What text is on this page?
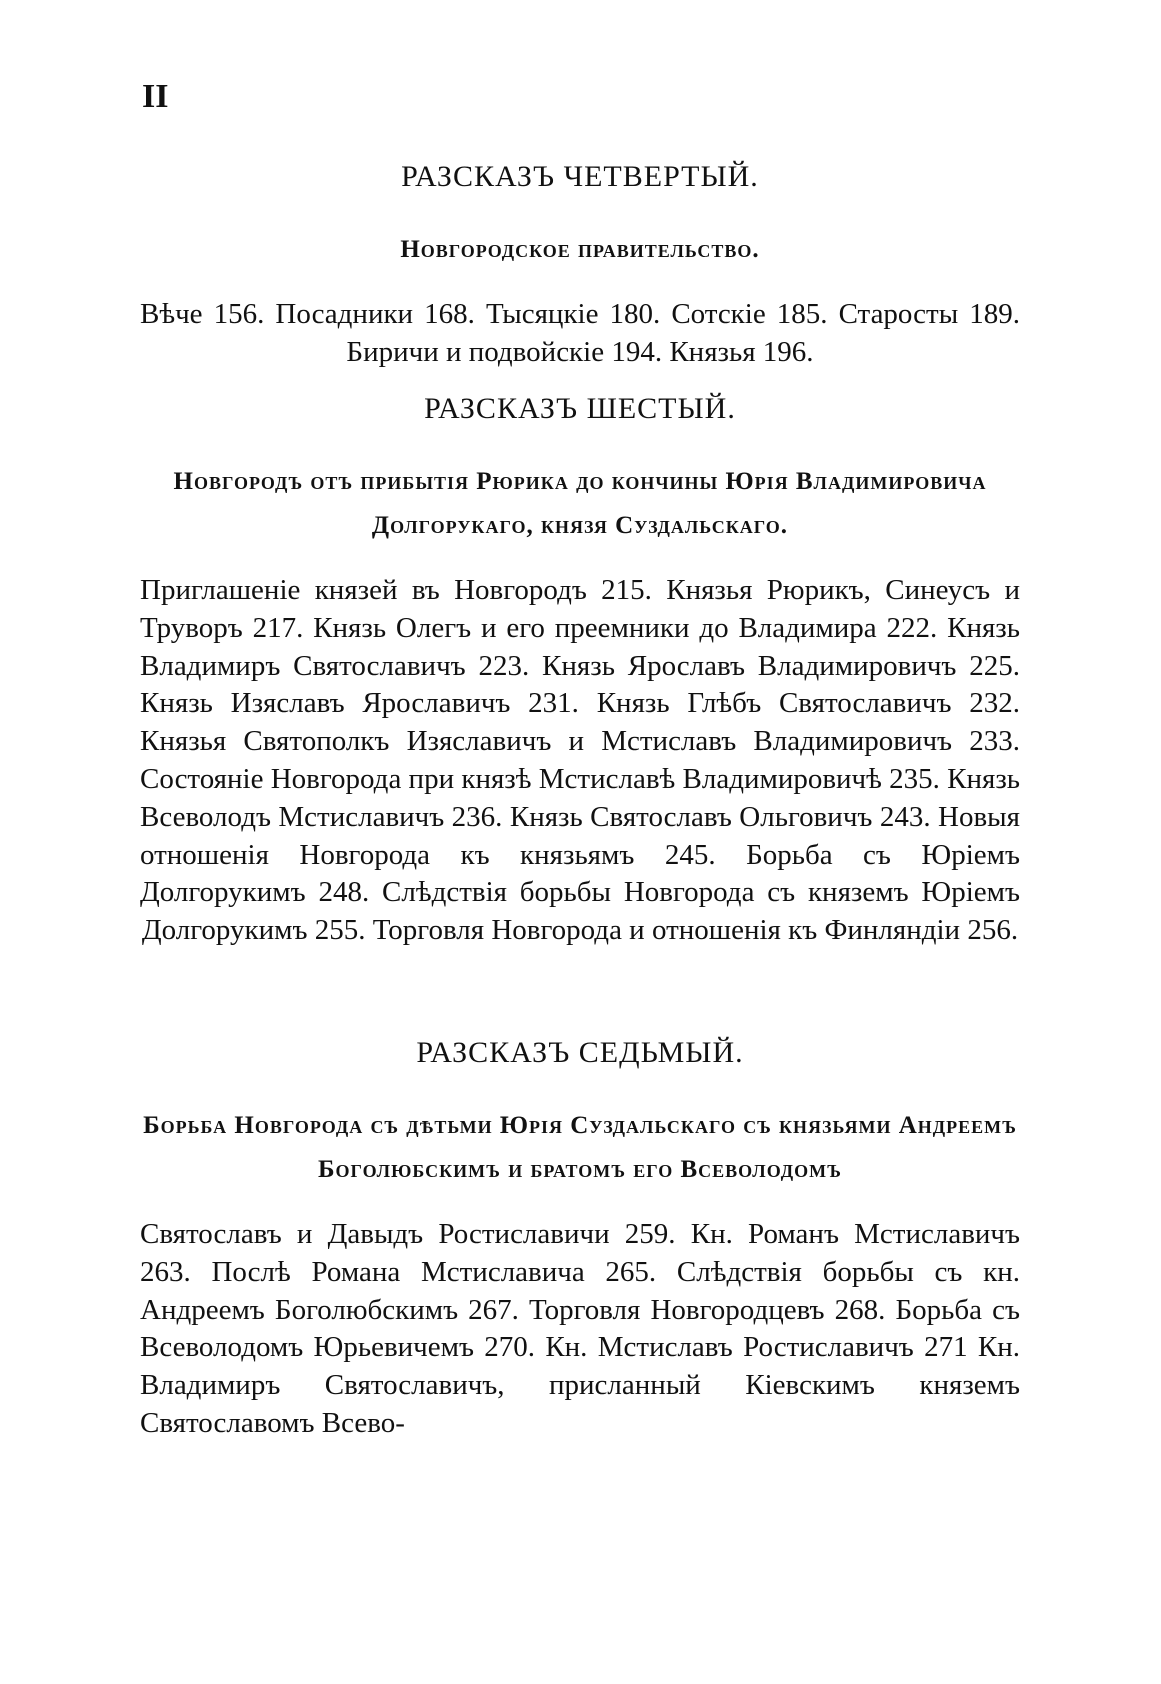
II
РАЗСКАЗЪ ЧЕТВЕРТЫЙ.
Новгородское правительство.
Вѣче 156. Посадники 168. Тысяцкіе 180. Сотскіе 185. Старосты 189. Биричи и подвойскіе 194. Князья 196.
РАЗСКАЗЪ ШЕСТЫЙ.
Новгородъ отъ прибытія Рюрика до кончины Юрія Владимировича Долгорукаго, князя Суздальскаго.
Приглашеніе князей въ Новгородъ 215. Князья Рюрикъ, Синеусъ и Труворъ 217. Князь Олегъ и его преемники до Владимира 222. Князь Владимиръ Святославичъ 223. Князь Ярославъ Владимировичъ 225. Князь Изяславъ Ярославичъ 231. Князь Глѣбъ Святославичъ 232. Князья Святополкъ Изяславичъ и Мстиславъ Владимировичъ 233. Состояніе Новгорода при князѣ Мстиславѣ Владимировичѣ 235. Князь Всеволодъ Мстиславичъ 236. Князь Святославъ Ольговичъ 243. Новыя отношенія Новгорода къ князьямъ 245. Борьба съ Юріемъ Долгорукимъ 248. Слѣдствія борьбы Новгорода съ княземъ Юріемъ Долгорукимъ 255. Торговля Новгорода и отношенія къ Финляндіи 256.
РАЗСКАЗЪ СЕДЬМЫЙ.
Борьба Новгорода съ дѣтьми Юрія Суздальскаго съ князьями Андреемъ Боголюбскимъ и братомъ его Всеволодомъ
Святославъ и Давыдъ Ростиславичи 259. Кн. Романъ Мстиславичъ 263. Послѣ Романа Мстиславича 265. Слѣдствія борьбы съ кн. Андреемъ Боголюбскимъ 267. Торговля Новгородцевъ 268. Борьба съ Всеволодомъ Юрьевичемъ 270. Кн. Мстиславъ Ростиславичъ 271 Кн. Владимиръ Святославичъ, присланный Кіевскимъ княземъ Святославомъ Всево-
